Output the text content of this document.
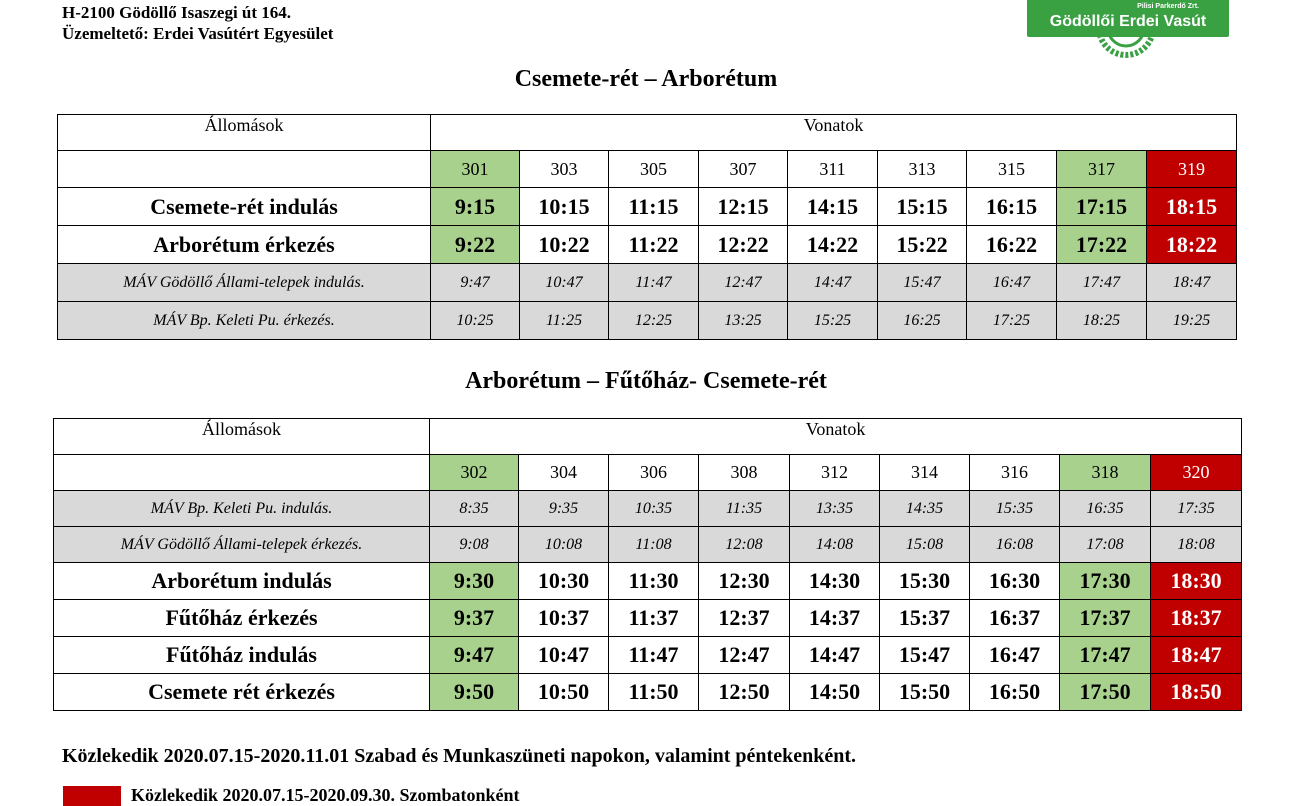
H-2100 Gödöllő Isaszegi út 164.
Üzemeltető: Erdei Vasútért Egyesület
Pilisi Parkerdő Zrt.
Gödöllői Erdei Vasút
Csemete-rét – Arborétum
Állomások	Vonatok								
	301	303	305	307	311	313	315	317	319
Csemete-rét indulás	9:15	10:15	11:15	12:15	14:15	15:15	16:15	17:15	18:15
Arborétum érkezés	9:22	10:22	11:22	12:22	14:22	15:22	16:22	17:22	18:22
MÁV Gödöllő Állami-telepek indulás.	9:47	10:47	11:47	12:47	14:47	15:47	16:47	17:47	18:47
MÁV Bp. Keleti Pu. érkezés.	10:25	11:25	12:25	13:25	15:25	16:25	17:25	18:25	19:25
Arborétum – Fűtőház- Csemete-rét
Állomások	Vonatok								
	302	304	306	308	312	314	316	318	320
MÁV Bp. Keleti Pu. indulás.	8:35	9:35	10:35	11:35	13:35	14:35	15:35	16:35	17:35
MÁV Gödöllő Állami-telepek érkezés.	9:08	10:08	11:08	12:08	14:08	15:08	16:08	17:08	18:08
Arborétum indulás	9:30	10:30	11:30	12:30	14:30	15:30	16:30	17:30	18:30
Fűtőház érkezés	9:37	10:37	11:37	12:37	14:37	15:37	16:37	17:37	18:37
Fűtőház indulás	9:47	10:47	11:47	12:47	14:47	15:47	16:47	17:47	18:47
Csemete rét érkezés	9:50	10:50	11:50	12:50	14:50	15:50	16:50	17:50	18:50
Közlekedik 2020.07.15-2020.11.01 Szabad és Munkaszüneti napokon, valamint péntekenként.
Közlekedik 2020.07.15-2020.09.30. Szombatonként
